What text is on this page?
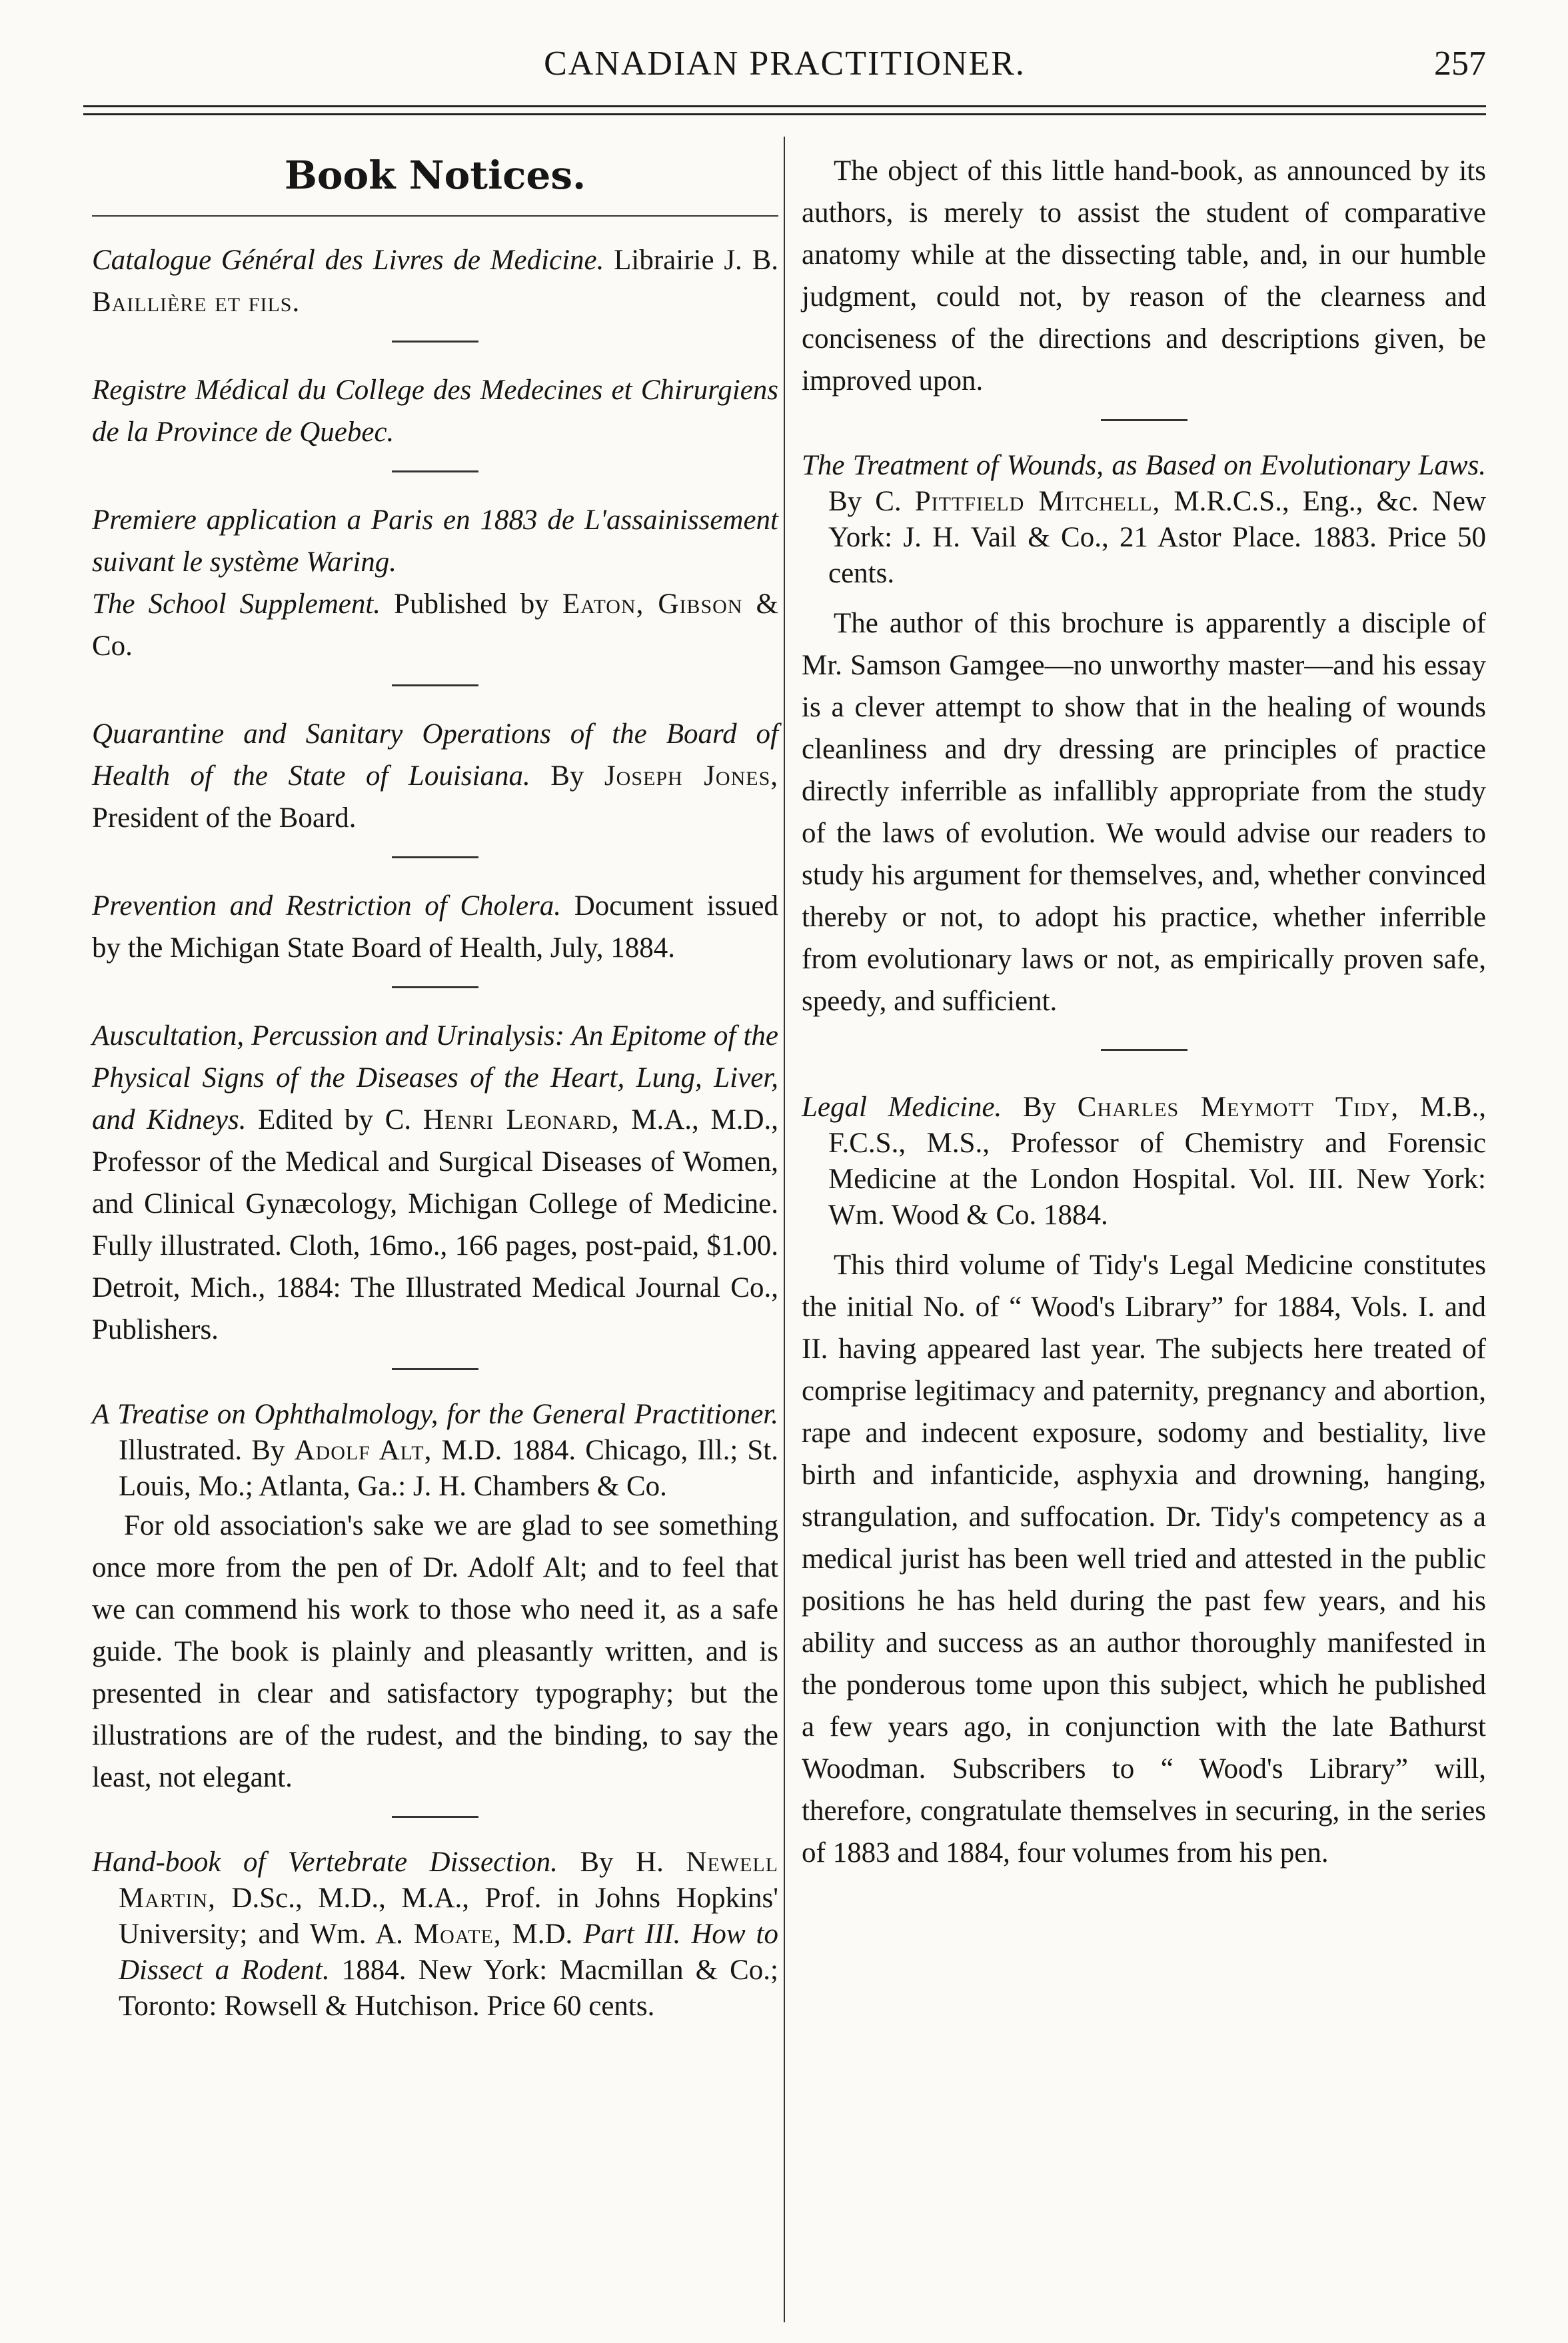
CANADIAN PRACTITIONER.	257
Book Notices.

Catalogue Général des Livres de Medicine. Librairie J. B. Baillière et fils.

Registre Médical du College des Medecines et Chirurgiens de la Province de Quebec.

Premiere application a Paris en 1883 de L'assainissement suivant le système Waring.

The School Supplement. Published by Eaton, Gibson & Co.

Quarantine and Sanitary Operations of the Board of Health of the State of Louisiana. By Joseph Jones, President of the Board.

Prevention and Restriction of Cholera. Document issued by the Michigan State Board of Health, July, 1884.

Auscultation, Percussion and Urinalysis: An Epitome of the Physical Signs of the Diseases of the Heart, Lung, Liver, and Kidneys. Edited by C. Henri Leonard, M.A., M.D., Professor of the Medical and Surgical Diseases of Women, and Clinical Gynæcology, Michigan College of Medicine. Fully illustrated. Cloth, 16mo., 166 pages, post-paid, $1.00. Detroit, Mich., 1884: The Illustrated Medical Journal Co., Publishers.

A Treatise on Ophthalmology, for the General Practitioner. Illustrated. By Adolf Alt, M.D. 1884. Chicago, Ill.; St. Louis, Mo.; Atlanta, Ga.: J. H. Chambers & Co.

For old association's sake we are glad to see something once more from the pen of Dr. Adolf Alt; and to feel that we can commend his work to those who need it, as a safe guide. The book is plainly and pleasantly written, and is presented in clear and satisfactory typography; but the illustrations are of the rudest, and the binding, to say the least, not elegant.

Hand-book of Vertebrate Dissection. By H. Newell Martin, D.Sc., M.D., M.A., Prof. in Johns Hopkins' University; and Wm. A. Moate, M.D. Part III. How to Dissect a Rodent. 1884. New York: Macmillan & Co.; Toronto: Rowsell & Hutchison. Price 60 cents.

The object of this little hand-book, as announced by its authors, is merely to assist the student of comparative anatomy while at the dissecting table, and, in our humble judgment, could not, by reason of the clearness and conciseness of the directions and descriptions given, be improved upon.

The Treatment of Wounds, as Based on Evolutionary Laws. By C. Pittfield Mitchell, M.R.C.S., Eng., &c. New York: J. H. Vail & Co., 21 Astor Place. 1883. Price 50 cents.

The author of this brochure is apparently a disciple of Mr. Samson Gamgee—no unworthy master—and his essay is a clever attempt to show that in the healing of wounds cleanliness and dry dressing are principles of practice directly inferrible as infallibly appropriate from the study of the laws of evolution. We would advise our readers to study his argument for themselves, and, whether convinced thereby or not, to adopt his practice, whether inferrible from evolutionary laws or not, as empirically proven safe, speedy, and sufficient.

Legal Medicine. By Charles Meymott Tidy, M.B., F.C.S., M.S., Professor of Chemistry and Forensic Medicine at the London Hospital. Vol. III. New York: Wm. Wood & Co. 1884.

This third volume of Tidy's Legal Medicine constitutes the initial No. of “ Wood's Library” for 1884, Vols. I. and II. having appeared last year. The subjects here treated of comprise legitimacy and paternity, pregnancy and abortion, rape and indecent exposure, sodomy and bestiality, live birth and infanticide, asphyxia and drowning, hanging, strangulation, and suffocation. Dr. Tidy's competency as a medical jurist has been well tried and attested in the public positions he has held during the past few years, and his ability and success as an author thoroughly manifested in the ponderous tome upon this subject, which he published a few years ago, in conjunction with the late Bathurst Woodman. Subscribers to “ Wood's Library” will, therefore, congratulate themselves in securing, in the series of 1883 and 1884, four volumes from his pen.
